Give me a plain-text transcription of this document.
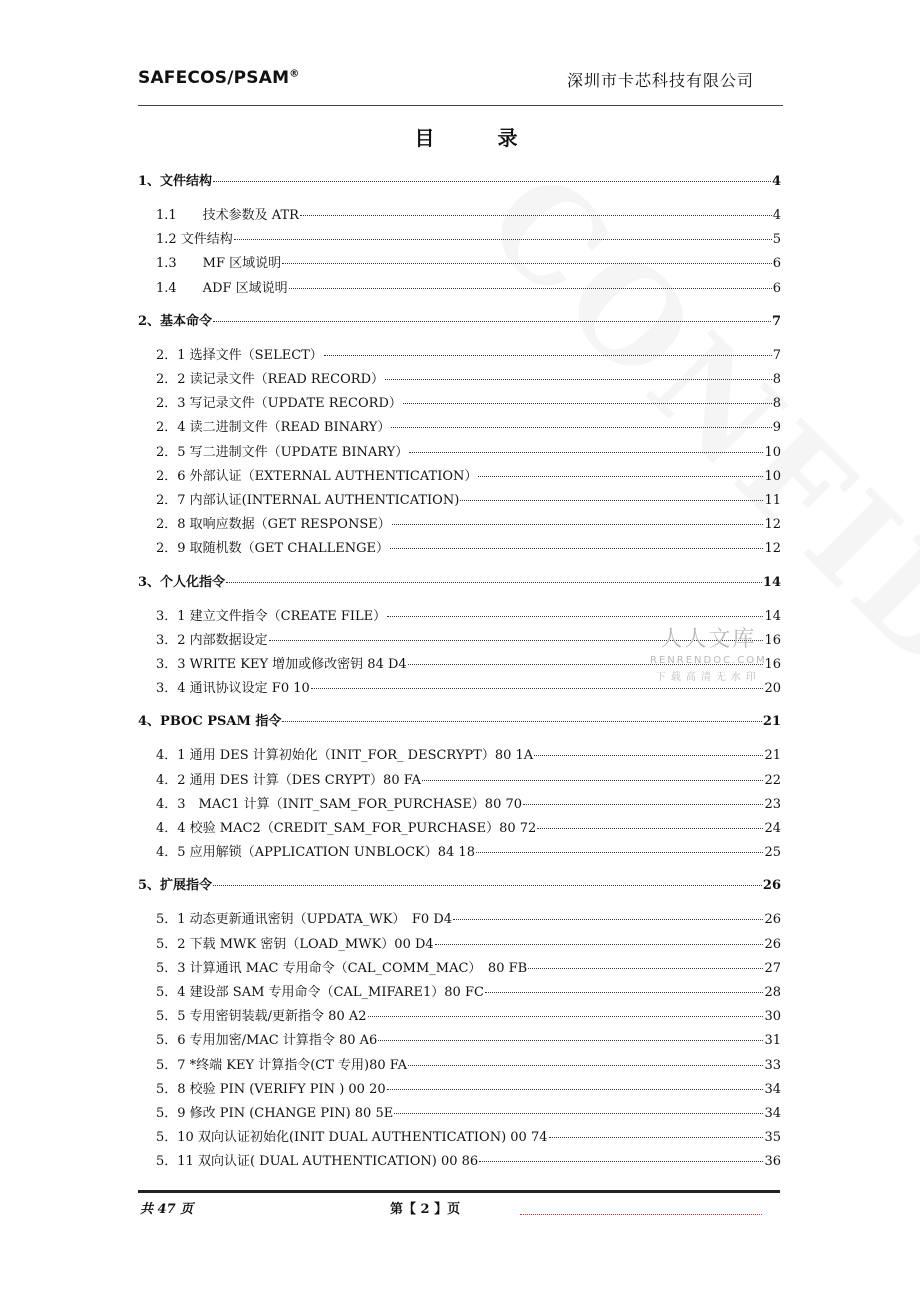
SAFECOS/PSAM®	深圳市卡芯科技有限公司
目 录
1、文件结构	4
1.1　　技术参数及 ATR	4
1.2 文件结构	5
1.3　　MF 区域说明	6
1.4　　ADF 区域说明	6
2、基本命令	7
2．1 选择文件（SELECT）	7
2．2 读记录文件（READ RECORD）	8
2．3 写记录文件（UPDATE RECORD）	8
2．4 读二进制文件（READ BINARY）	9
2．5 写二进制文件（UPDATE BINARY）	10
2．6 外部认证（EXTERNAL AUTHENTICATION）	10
2．7 内部认证(INTERNAL AUTHENTICATION)	11
2．8 取响应数据（GET RESPONSE）	12
2．9 取随机数（GET CHALLENGE）	12
3、个人化指令	14
3．1 建立文件指令（CREATE FILE）	14
3．2 内部数据设定	16
3．3 WRITE KEY 增加或修改密钥 84 D4	16
3．4 通讯协议设定 F0 10	20
4、PBOC PSAM 指令	21
4．1 通用 DES 计算初始化（INIT_FOR_ DESCRYPT）80 1A	21
4．2 通用 DES 计算（DES CRYPT）80 FA	22
4．3　MAC1 计算（INIT_SAM_FOR_PURCHASE）80 70	23
4．4 校验 MAC2（CREDIT_SAM_FOR_PURCHASE）80 72	24
4．5 应用解锁（APPLICATION UNBLOCK）84 18	25
5、扩展指令	26
5．1 动态更新通讯密钥（UPDATA_WK）　F0 D4	26
5．2 下载 MWK 密钥（LOAD_MWK）00 D4	26
5．3 计算通讯 MAC 专用命令（CAL_COMM_MAC）　80 FB	27
5．4 建设部 SAM 专用命令（CAL_MIFARE1）80 FC	28
5．5 专用密钥装载/更新指令 80 A2	30
5．6 专用加密/MAC 计算指令 80 A6	31
5．7 *终端 KEY 计算指令(CT 专用)80 FA	33
5．8 校验 PIN (VERIFY PIN ) 00 20	34
5．9 修改 PIN (CHANGE PIN) 80 5E	34
5．10 双向认证初始化(INIT DUAL AUTHENTICATION) 00 74	35
5．11 双向认证( DUAL AUTHENTICATION) 00 86	36
人人文库
RENRENDOC.COM
下载高清无水印
共 47 页	第【 2 】页
